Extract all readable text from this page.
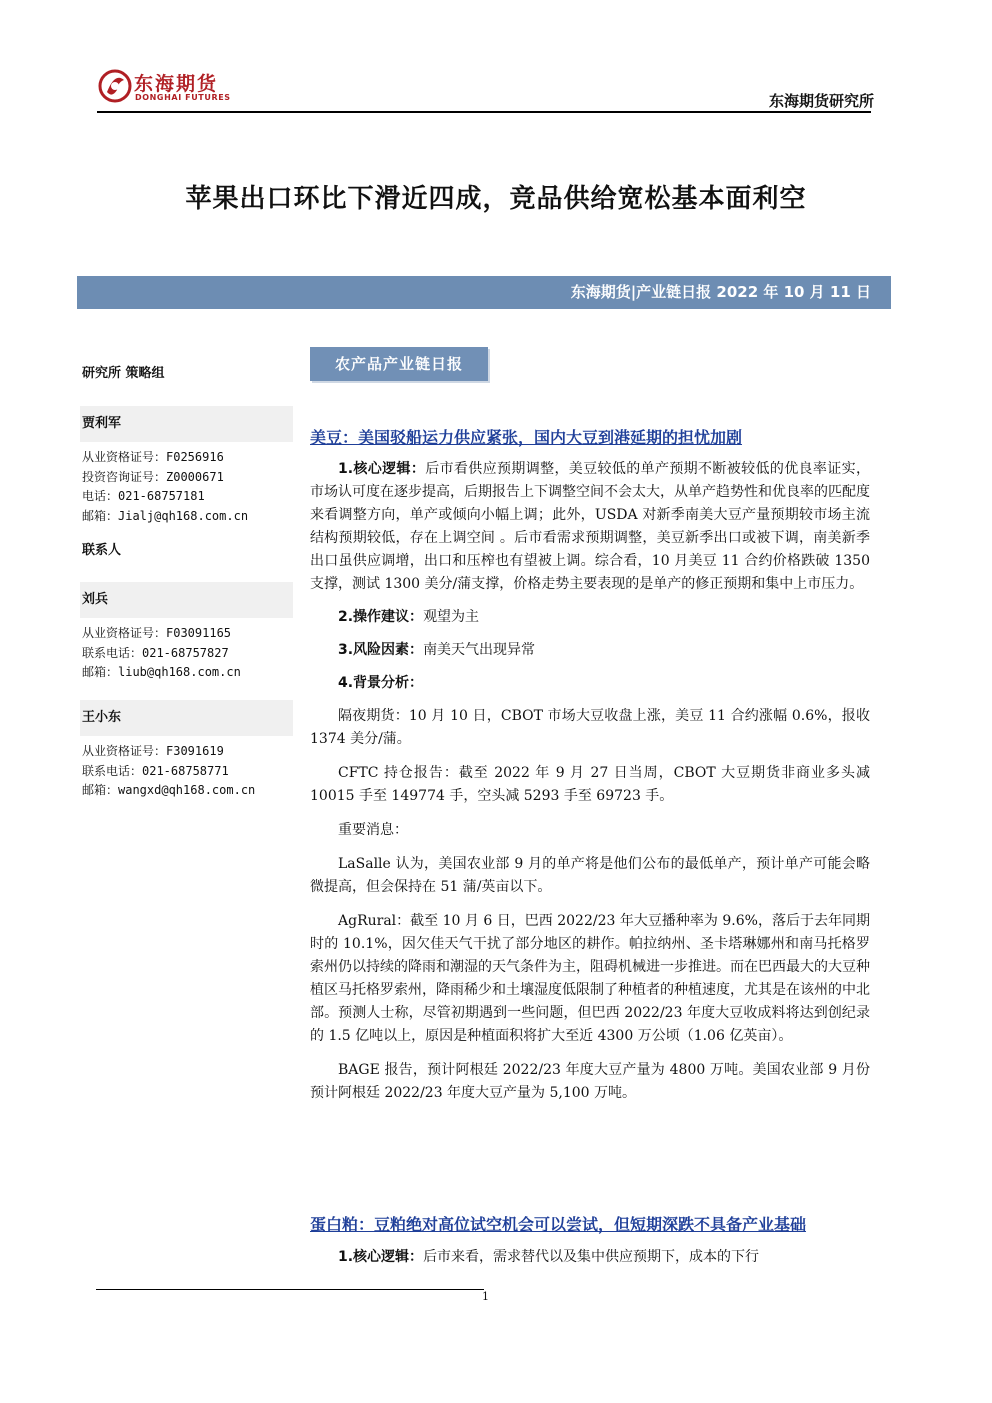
东海期货
DONGHAI FUTURES	东海期货研究所
苹果出口环比下滑近四成，竞品供给宽松基本面利空
东海期货|产业链日报 2022 年 10 月 11 日
研究所 策略组
贾利军
从业资格证号：F0256916
投资咨询证号：Z0000671
电话：021-68757181
邮箱：Jialj@qh168.com.cn
联系人
刘兵
从业资格证号：F03091165
联系电话：021-68757827
邮箱：liub@qh168.com.cn
王小东
从业资格证号：F3091619
联系电话：021-68758771
邮箱：wangxd@qh168.com.cn
农产品产业链日报
美豆：美国驳船运力供应紧张，国内大豆到港延期的担忧加剧

1.核心逻辑：后市看供应预期调整，美豆较低的单产预期不断被较低的优良率证实，市场认可度在逐步提高，后期报告上下调整空间不会太大，从单产趋势性和优良率的匹配度来看调整方向，单产或倾向小幅上调；此外，USDA 对新季南美大豆产量预期较市场主流结构预期较低，存在上调空间 。后市看需求预期调整，美豆新季出口或被下调，南美新季出口虽供应调增，出口和压榨也有望被上调。综合看，10 月美豆 11 合约价格跌破 1350 支撑，测试 1300 美分/蒲支撑，价格走势主要表现的是单产的修正预期和集中上市压力。

2.操作建议：观望为主

3.风险因素：南美天气出现异常

4.背景分析：

隔夜期货：10 月 10 日，CBOT 市场大豆收盘上涨，美豆 11 合约涨幅 0.6%，报收 1374 美分/蒲。

CFTC 持仓报告：截至 2022 年 9 月 27 日当周，CBOT 大豆期货非商业多头减 10015 手至 149774 手，空头减 5293 手至 69723 手。

重要消息：

LaSalle 认为，美国农业部 9 月的单产将是他们公布的最低单产，预计单产可能会略微提高，但会保持在 51 蒲/英亩以下。

AgRural：截至 10 月 6 日，巴西 2022/23 年大豆播种率为 9.6%，落后于去年同期时的 10.1%，因欠佳天气干扰了部分地区的耕作。帕拉纳州、圣卡塔琳娜州和南马托格罗索州仍以持续的降雨和潮湿的天气条件为主，阻碍机械进一步推进。而在巴西最大的大豆种植区马托格罗索州，降雨稀少和土壤湿度低限制了种植者的种植速度，尤其是在该州的中北部。预测人士称，尽管初期遇到一些问题，但巴西 2022/23 年度大豆收成料将达到创纪录的 1.5 亿吨以上，原因是种植面积将扩大至近 4300 万公顷（1.06 亿英亩）。

BAGE 报告，预计阿根廷 2022/23 年度大豆产量为 4800 万吨。美国农业部 9 月份预计阿根廷 2022/23 年度大豆产量为 5,100 万吨。

蛋白粕：豆粕绝对高位试空机会可以尝试，但短期深跌不具备产业基础

1.核心逻辑：后市来看，需求替代以及集中供应预期下，成本的下行

1
